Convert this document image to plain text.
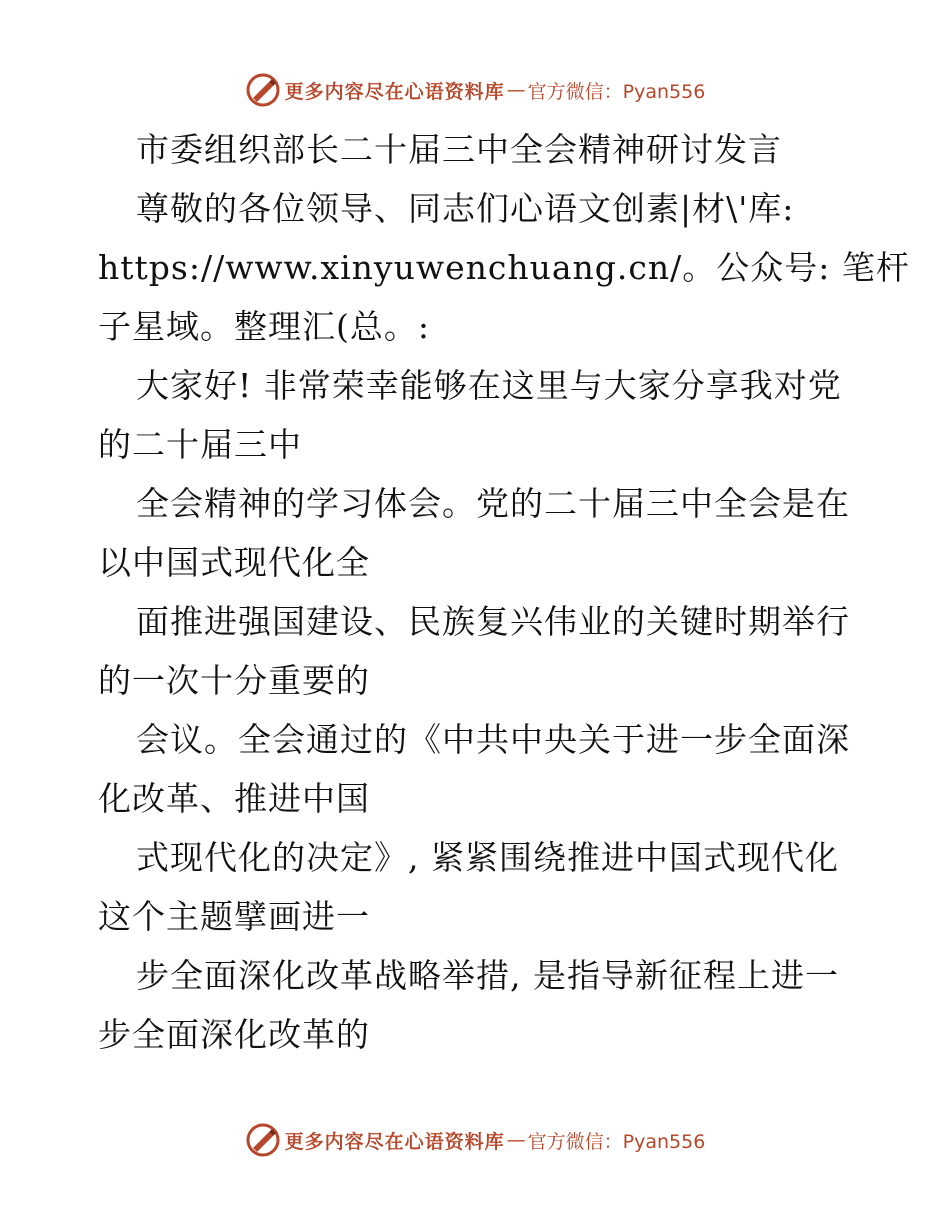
更多内容尽在心语资料库 — 官方微信：Pyan556
市委组织部长二十届三中全会精神研讨发言
尊敬的各位领导、同志们心语文创素|材\'库:
https://www.xinyuwenchuang.cn/。公众号: 笔杆
子星域。整理汇(总。:
大家好! 非常荣幸能够在这里与大家分享我对党
的二十届三中
全会精神的学习体会。党的二十届三中全会是在
以中国式现代化全
面推进强国建设、民族复兴伟业的关键时期举行
的一次十分重要的
会议。全会通过的《中共中央关于进一步全面深
化改革、推进中国
式现代化的决定》, 紧紧围绕推进中国式现代化
这个主题擘画进一
步全面深化改革战略举措, 是指导新征程上进一
步全面深化改革的
更多内容尽在心语资料库 — 官方微信：Pyan556
